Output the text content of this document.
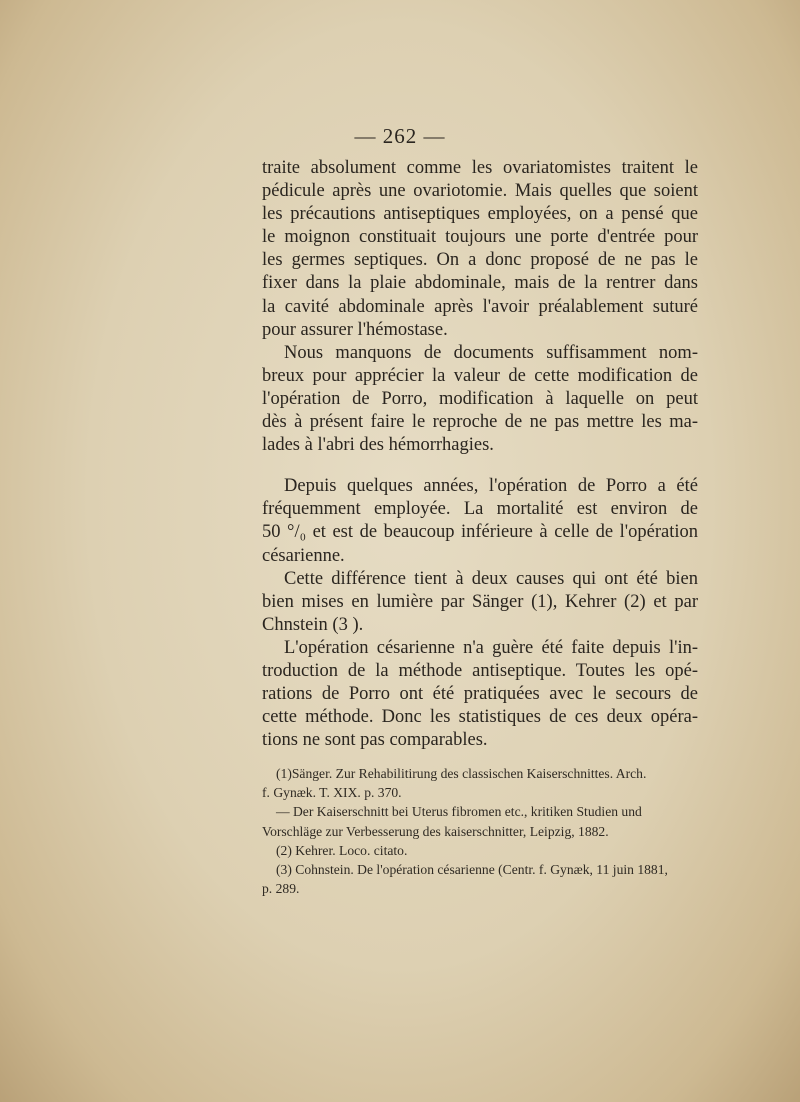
— 262 —

traite absolument comme les ovariatomistes traitent le
pédicule après une ovariotomie. Mais quelles que soient
les précautions antiseptiques employées, on a pensé que
le moignon constituait toujours une porte d'entrée pour
les germes septiques. On a donc proposé de ne pas le
fixer dans la plaie abdominale, mais de la rentrer dans
la cavité abdominale après l'avoir préalablement suturé
pour assurer l'hémostase.

Nous manquons de documents suffisamment nom-
breux pour apprécier la valeur de cette modification de
l'opération de Porro, modification à laquelle on peut
dès à présent faire le reproche de ne pas mettre les ma-
lades à l'abri des hémorrhagies.

Depuis quelques années, l'opération de Porro a été
fréquemment employée. La mortalité est environ de
50 °/₀ et est de beaucoup inférieure à celle de l'opération
césarienne.

Cette différence tient à deux causes qui ont été bien
bien mises en lumière par Sänger (1), Kehrer (2) et par
Chnstein (3 ).

L'opération césarienne n'a guère été faite depuis l'in-
troduction de la méthode antiseptique. Toutes les opé-
rations de Porro ont été pratiquées avec le secours de
cette méthode. Donc les statistiques de ces deux opéra-
tions ne sont pas comparables.

(1)Sänger. Zur Rehabilitirung des classischen Kaiserschnittes. Arch.
f. Gynæk. T. XIX. p. 370.

— Der Kaiserschnitt bei Uterus fibromen etc., kritiken Studien und
Vorschläge zur Verbesserung des kaiserschnitter, Leipzig, 1882.

(2) Kehrer. Loco. citato.

(3) Cohnstein. De l'opération césarienne (Centr. f. Gynæk, 11 juin 1881,
p. 289.
